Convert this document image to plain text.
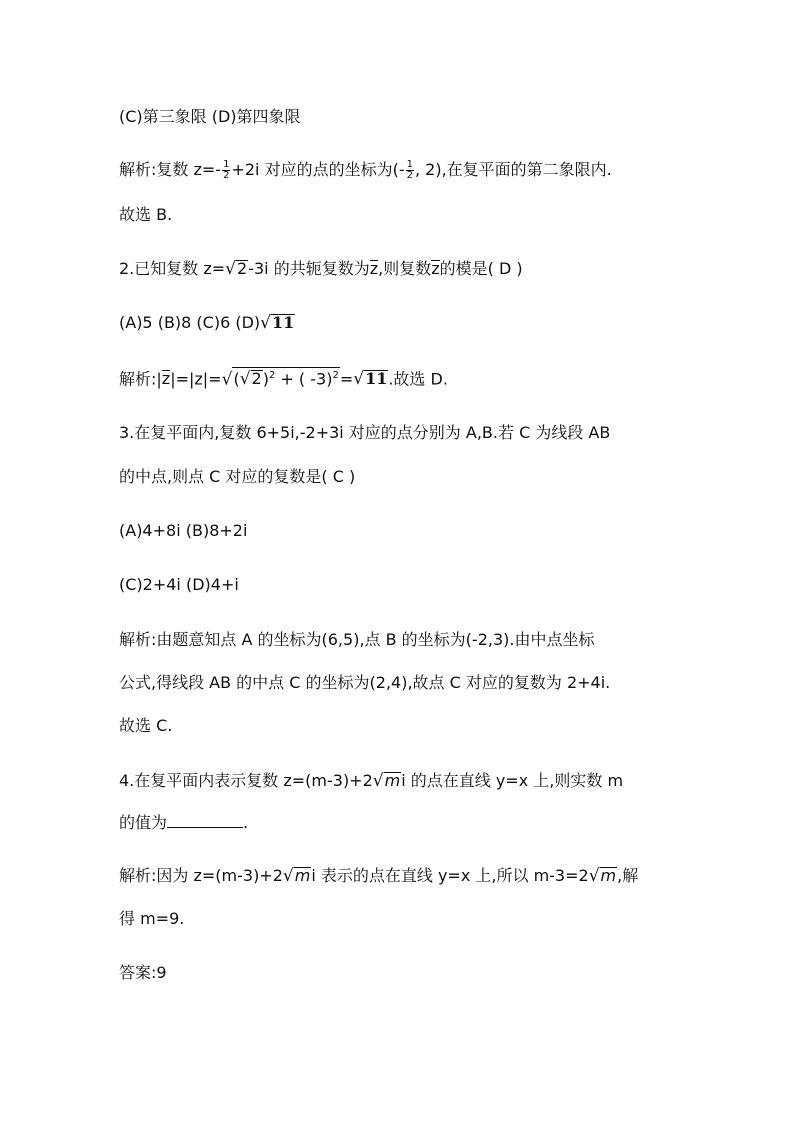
(C)第三象限 (D)第四象限
解析:复数 $z=- \frac{1}{2} +2i$ 对应的点的坐标为(- $\frac{1}{2}$ , 2),在复平面的第二象限内.
故选 B.
2.已知复数 z=√2-3i 的共轭复数为z,则复数z的模是( D )
(A)5 (B)8 (C)6 (D)√11
解析$:|z|=|z|=√(√2)^2$ + ( -3)$^2$=√11.故选 D.
3.在复平面内,复数 6+5i,-2+3i 对应的点分别为 A,B.若 C 为线段 AB
的中点,则点 C 对应的复数是( C )
(A)4+8i (B)8+2i
(C)2+4i (D)4+i
解析:由题意知点 A 的坐标为(6,5),点 B 的坐标为(-2,3).由中点坐标
公式,得线段 AB 的中点 C 的坐标为(2,4),故点 C 对应的复数为 2+4i.
故选 C.
4.在复平面内表示复数 z=(m-3)+2√mi 的点在直线 y=x 上,则实数 m
的值为	.
解析:因为 z=(m-3)+2√mi 表示的点在直线 y=x 上,所以 m-3=2√m,解
得 m=9.
答案:9
